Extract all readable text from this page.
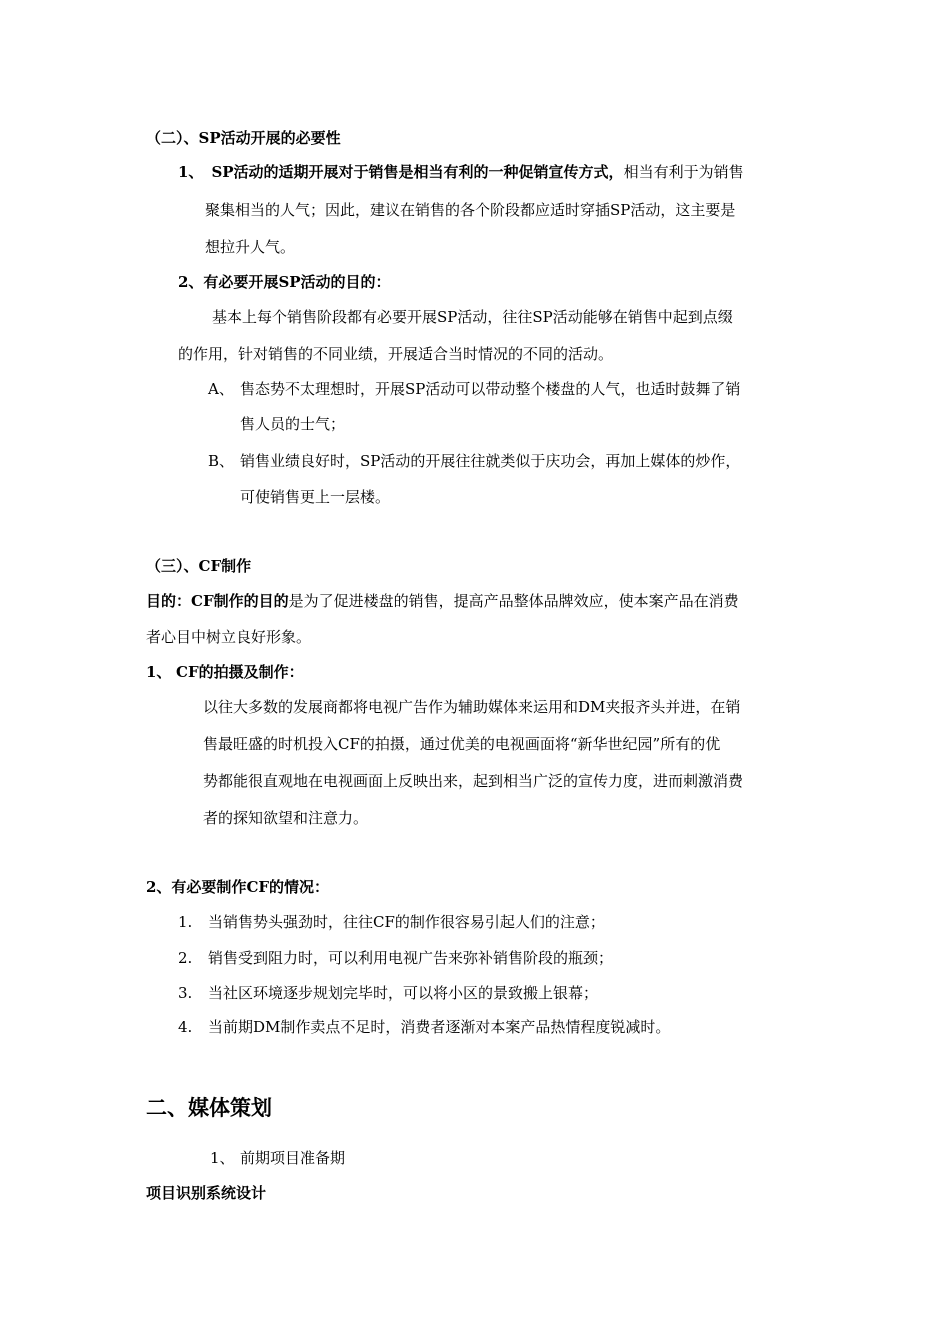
（二）、SP活动开展的必要性
1、 SP活动的适期开展对于销售是相当有利的一种促销宣传方式，相当有利于为销售
聚集相当的人气；因此，建议在销售的各个阶段都应适时穿插SP活动，这主要是
想拉升人气。
2、有必要开展SP活动的目的：
基本上每个销售阶段都有必要开展SP活动，往往SP活动能够在销售中起到点缀
的作用，针对销售的不同业绩，开展适合当时情况的不同的活动。
A、 售态势不太理想时，开展SP活动可以带动整个楼盘的人气，也适时鼓舞了销
售人员的士气；
B、 销售业绩良好时，SP活动的开展往往就类似于庆功会，再加上媒体的炒作，
可使销售更上一层楼。
（三）、CF制作
目的：CF制作的目的是为了促进楼盘的销售，提高产品整体品牌效应，使本案产品在消费
者心目中树立良好形象。
1、 CF的拍摄及制作：
以往大多数的发展商都将电视广告作为辅助媒体来运用和DM夹报齐头并进，在销
售最旺盛的时机投入CF的拍摄，通过优美的电视画面将“新华世纪园”所有的优
势都能很直观地在电视画面上反映出来，起到相当广泛的宣传力度，进而刺激消费
者的探知欲望和注意力。
2、有必要制作CF的情况：
1. 当销售势头强劲时，往往CF的制作很容易引起人们的注意；
2. 销售受到阻力时，可以利用电视广告来弥补销售阶段的瓶颈；
3. 当社区环境逐步规划完毕时，可以将小区的景致搬上银幕；
4. 当前期DM制作卖点不足时，消费者逐渐对本案产品热情程度锐减时。
二、媒体策划
1、 前期项目准备期
项目识别系统设计
